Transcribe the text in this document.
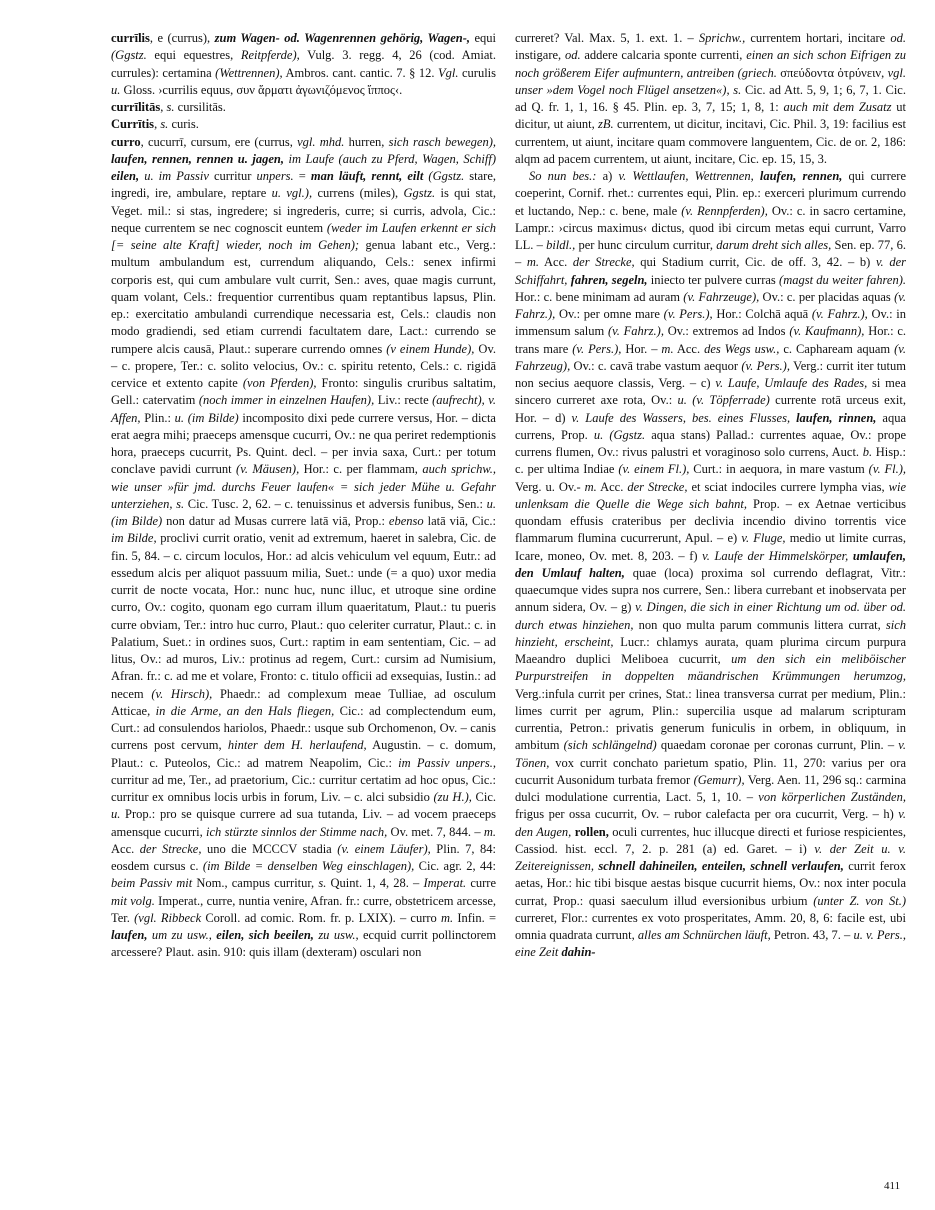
currīlis, e (currus), zum Wagen- od. Wagenrennen gehörig, Wagen-, equi (Ggstz. equi equestres, Reitpferde), Vulg. 3. regg. 4, 26 (cod. Amiat. currules): certamina (Wettrennen), Ambros. cant. cantic. 7. § 12. Vgl. curulis u. Gloss. ›currilis equus, συν ἅρματι ἀγωνιζόμενος ἵππος‹.

currīlitās, s. cursilitās.

Currītis, s. curis.

curro, cucurrī, cursum, ere (currus, vgl. mhd. hurren, sich rasch bewegen), laufen, rennen, rennen u. jagen, im Laufe (auch zu Pferd, Wagen, Schiff) eilen, u. im Passiv curritur unpers. = man läuft, rennt, eilt (Ggstz. stare, ingredi, ire, ambulare, reptare u. vgl.), currens (miles), Ggstz. is qui stat, Veget. mil.: si stas, ingredere; si ingrederis, curre; si curris, advola, Cic.: neque currentem se nec cognoscit euntem (weder im Laufen erkennt er sich [= seine alte Kraft] wieder, noch im Gehen); genua labant etc., Verg.: multum ambulandum est, currendum aliquando, Cels.: senex infirmi corporis est, qui cum ambulare vult currit, Sen.: aves, quae magis currunt, quam volant, Cels.: frequentior currentibus quam reptantibus lapsus, Plin. ep.: exercitatio ambulandi currendique necessaria est, Cels.: claudis non modo gradiendi, sed etiam currendi facultatem dare, Lact.: currendo se rumpere alcis causā, Plaut.: superare currendo omnes (v einem Hunde), Ov. – c. propere, Ter.: c. solito velocius, Ov.: c. spiritu retento, Cels.: c. rigidā cervice et extento capite (von Pferden), Fronto: singulis cruribus saltatim, Gell.: catervatim (noch immer in einzelnen Haufen), Liv.: recte (aufrecht), v. Affen, Plin.: u. (im Bilde) incomposito dixi pede currere versus, Hor. – dicta erat aegra mihi; praeceps amensque cucurri, Ov.: ne qua periret redemptionis hora, praeceps cucurrit, Ps. Quint. decl. – per invia saxa, Curt.: per totum conclave pavidi currunt (v. Mäusen), Hor.: c. per flammam, auch sprichw., wie unser »für jmd. durchs Feuer laufen« = sich jeder Mühe u. Gefahr unterziehen, s. Cic. Tusc. 2, 62. – c. tenuissinus et adversis funibus, Sen.: u. (im Bilde) non datur ad Musas currere latā viā, Prop.: ebenso latā viā, Cic.: im Bilde, proclivi currit oratio, venit ad extremum, haeret in salebra, Cic. de fin. 5, 84. – c. circum loculos, Hor.: ad alcis vehiculum vel equum, Eutr.: ad essedum alcis per aliquot passuum milia, Suet.: unde (= a quo) uxor media currit de nocte vocata, Hor.: nunc huc, nunc illuc, et utroque sine ordine curro, Ov.: cogito, quonam ego curram illum quaeritatum, Plaut.: tu pueris curre obviam, Ter.: intro huc curro, Plaut.: quo celeriter curratur, Plaut.: c. in Palatium, Suet.: in ordines suos, Curt.: raptim in eam sententiam, Cic. – ad litus, Ov.: ad muros, Liv.: protinus ad regem, Curt.: cursim ad Numisium, Afran. fr.: c. ad me et volare, Fronto: c. titulo officii ad exsequias, Iustin.: ad necem (v. Hirsch), Phaedr.: ad complexum meae Tulliae, ad osculum Atticae, in die Arme, an den Hals fliegen, Cic.: ad complectendum eum, Curt.: ad consulendos hariolos, Phaedr.: usque sub Orchomenon, Ov. – canis currens post cervum, hinter dem H. herlaufend, Augustin. – c. domum, Plaut.: c. Puteolos, Cic.: ad matrem Neapolim, Cic.: im Passiv unpers., curritur ad me, Ter., ad praetorium, Cic.: curritur certatim ad hoc opus, Cic.: curritur ex omnibus locis urbis in forum, Liv. – c. alci subsidio (zu H.), Cic. u. Prop.: pro se quisque currere ad sua tutanda, Liv. – ad vocem praeceps amensque cucurri, ich stürzte sinnlos der Stimme nach, Ov. met. 7, 844. – m. Acc. der Strecke, uno die MCCCV stadia (v. einem Läufer), Plin. 7, 84: eosdem cursus c. (im Bilde = denselben Weg einschlagen), Cic. agr. 2, 44: beim Passiv mit Nom., campus curritur, s. Quint. 1, 4, 28. – Imperat. curre mit volg. Imperat., curre, nuntia venire, Afran. fr.: curre, obstetricem arcesse, Ter. (vgl. Ribbeck Coroll. ad comic. Rom. fr. p. LXIX). – curro m. Infin. = laufen, um zu usw., eilen, sich beeilen, zu usw., ecquid currit pollinctorem arcessere? Plaut. asin. 910: quis illam (dexteram) osculari non

curreret? Val. Max. 5, 1. ext. 1. – Sprichw., currentem hortari, incitare od. instigare, od. addere calcaria sponte currenti, einen an sich schon Eifrigen zu noch größerem Eifer aufmuntern, antreiben (griech. σπεύδοντα ὀτρύνειν, vgl. unser »dem Vogel noch Flügel ansetzen«), s. Cic. ad Att. 5, 9, 1; 6, 7, 1. Cic. ad Q. fr. 1, 1, 16. § 45. Plin. ep. 3, 7, 15; 1, 8, 1: auch mit dem Zusatz ut dicitur, ut aiunt, zB. currentem, ut dicitur, incitavi, Cic. Phil. 3, 19: facilius est currentem, ut aiunt, incitare quam commovere languentem, Cic. de or. 2, 186: alqm ad pacem currentem, ut aiunt, incitare, Cic. ep. 15, 15, 3.

So nun bes.: a) v. Wettlaufen, Wettrennen, laufen, rennen, qui currere coeperint, Cornif. rhet.: currentes equi, Plin. ep.: exerceri plurimum currendo et luctando, Nep.: c. bene, male (v. Rennpferden), Ov.: c. in sacro certamine, Lampr.: ›circus maximus‹ dictus, quod ibi circum metas equi currunt, Varro LL. – bildl., per hunc circulum curritur, darum dreht sich alles, Sen. ep. 77, 6. – m. Acc. der Strecke, qui Stadium currit, Cic. de off. 3, 42. – b) v. der Schiffahrt, fahren, segeln, iniecto ter pulvere curras (magst du weiter fahren). Hor.: c. bene minimam ad auram (v. Fahrzeuge), Ov.: c. per placidas aquas (v. Fahrz.), Ov.: per omne mare (v. Pers.), Hor.: Colchā aquā (v. Fahrz.), Ov.: in immensum salum (v. Fahrz.), Ov.: extremos ad Indos (v. Kaufmann), Hor.: c. trans mare (v. Pers.), Hor. – m. Acc. des Wegs usw., c. Caphaream aquam (v. Fahrzeug), Ov.: c. cavā trabe vastum aequor (v. Pers.), Verg.: currit iter tutum non secius aequore classis, Verg. – c) v. Laufe, Umlaufe des Rades, si mea sincero curreret axe rota, Ov.: u. (v. Töpferrade) currente rotā urceus exit, Hor. – d) v. Laufe des Wassers, bes. eines Flusses, laufen, rinnen, aqua currens, Prop. u. (Ggstz. aqua stans) Pallad.: currentes aquae, Ov.: prope currens flumen, Ov.: rivus palustri et voraginoso solo currens, Auct. b. Hisp.: c. per ultima Indiae (v. einem Fl.), Curt.: in aequora, in mare vastum (v. Fl.), Verg. u. Ov.- m. Acc. der Strecke, et sciat indociles currere lympha vias, wie unlenksam die Quelle die Wege sich bahnt, Prop. – ex Aetnae verticibus quondam effusis crateribus per declivia incendio divino torrentis vice flammarum flumina cucurrerunt, Apul. – e) v. Fluge, medio ut limite curras, Icare, moneo, Ov. met. 8, 203. – f) v. Laufe der Himmelskörper, umlaufen, den Umlauf halten, quae (loca) proxima sol currendo deflagrat, Vitr.: quaecumque vides supra nos currere, Sen.: libera currebant et inobservata per annum sidera, Ov. – g) v. Dingen, die sich in einer Richtung um od. über od. durch etwas hinziehen, non quo multa parum communis littera currat, sich hinzieht, erscheint, Lucr.: chlamys aurata, quam plurima circum purpura Maeandro duplici Meliboea cucurrit, um den sich ein meliböischer Purpurstreifen in doppelten mäandrischen Krümmungen herumzog, Verg.:infula currit per crines, Stat.: linea transversa currat per medium, Plin.: limes currit per agrum, Plin.: supercilia usque ad malarum scripturam currentia, Petron.: privatis generum funiculis in orbem, in obliquum, in ambitum (sich schlängelnd) quaedam coronae per coronas currunt, Plin. – v. Tönen, vox currit conchato parietum spatio, Plin. 11, 270: varius per ora cucurrit Ausonidum turbata fremor (Gemurr), Verg. Aen. 11, 296 sq.: carmina dulci modulatione currentia, Lact. 5, 1, 10. – von körperlichen Zuständen, frigus per ossa cucurrit, Ov. – rubor calefacta per ora cucurrit, Verg. – h) v. den Augen, rollen, oculi currentes, huc illucque directi et furiose respicientes, Cassiod. hist. eccl. 7, 2. p. 281 (a) ed. Garet. – i) v. der Zeit u. v. Zeitereignissen, schnell dahineilen, enteilen, schnell verlaufen, currit ferox aetas, Hor.: hic tibi bisque aestas bisque cucurrit hiems, Ov.: nox inter pocula currat, Prop.: quasi saeculum illud eversionibus urbium (unter Z. von St.) curreret, Flor.: currentes ex voto prosperitates, Amm. 20, 8, 6: facile est, ubi omnia quadrata currunt, alles am Schnürchen läuft, Petron. 43, 7. – u. v. Pers., eine Zeit dahin-

411
